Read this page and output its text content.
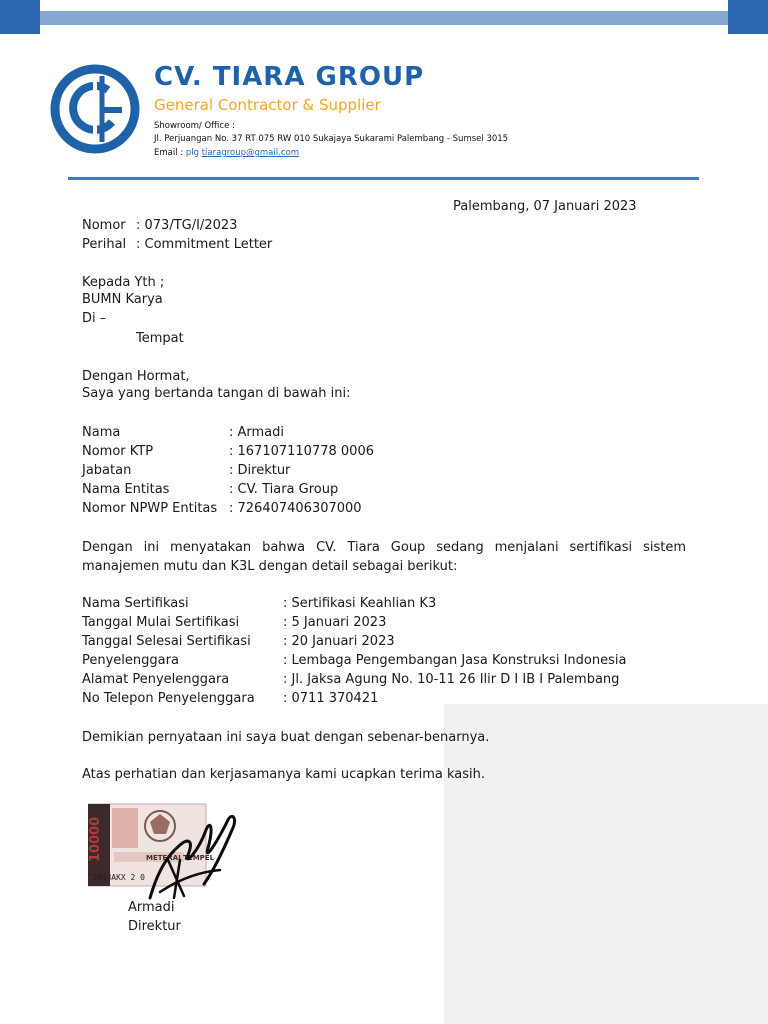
CV. TIARA GROUP
General Contractor & Supplier
Showroom/ Office :
Jl. Perjuangan No. 37 RT 075 RW 010 Sukajaya Sukarami Palembang - Sumsel 3015
Email : plg tiaragroup@gmail.com
Palembang, 07 Januari 2023
Nomor : 073/TG/I/2023
Perihal : Commitment Letter
Kepada Yth ;
BUMN Karya
Di –
Tempat
Dengan Hormat,
Saya yang bertanda tangan di bawah ini:
Nama	: Armadi
Nomor KTP	: 167107110778 0006
Jabatan	: Direktur
Nama Entitas	: CV. Tiara Group
Nomor NPWP Entitas : 726407406307000
Dengan ini menyatakan bahwa CV. Tiara Goup sedang menjalani sertifikasi sistem manajemen mutu dan K3L dengan detail sebagai berikut:
Nama Sertifikasi	: Sertifikasi Keahlian K3
Tanggal Mulai Sertifikasi	: 5 Januari 2023
Tanggal Selesai Sertifikasi : 20 Januari 2023
Penyelenggara	: Lembaga Pengembangan Jasa Konstruksi Indonesia
Alamat Penyelenggara	: Jl. Jaksa Agung No. 10-11 26 Ilir D I IB I Palembang
No Telepon Penyelenggara : 0711 370421
Demikian pernyataan ini saya buat dengan sebenar-benarnya.
Atas perhatian dan kerjasamanya kami ucapkan terima kasih.
10000	METERAI TEMPEL
1043AKX 2 0
Armadi
Direktur
